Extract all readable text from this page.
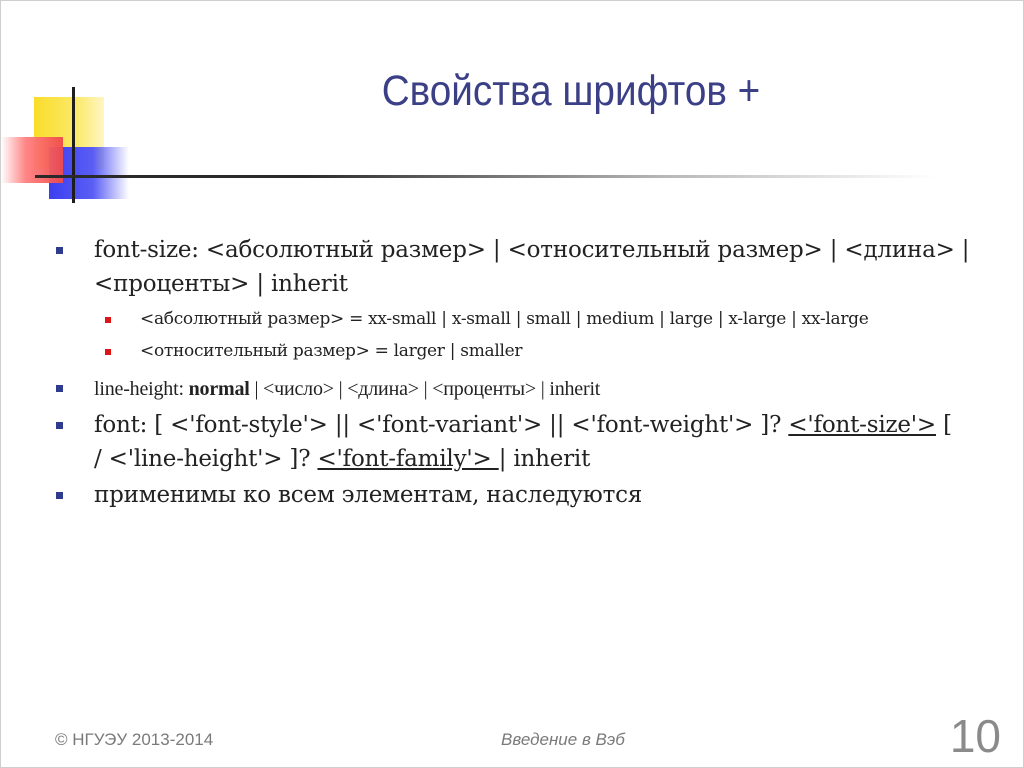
Свойства шрифтов +
font-size: <абсолютный размер> | <относительный размер> | <длина> |
<проценты> | inherit
<абсолютный размер> = xx-small | x-small | small | medium | large | x-large | xx-large
<относительный размер> = larger | smaller
line-height: normal | <число> | <длина> | <проценты> | inherit
font: [ <'font-style'> || <'font-variant'> || <'font-weight'> ]? <'font-size'> [
/ <'line-height'> ]? <'font-family'> | inherit
применимы ко всем элементам, наследуются
© НГУЭУ 2013-2014	Введение в Вэб	10
